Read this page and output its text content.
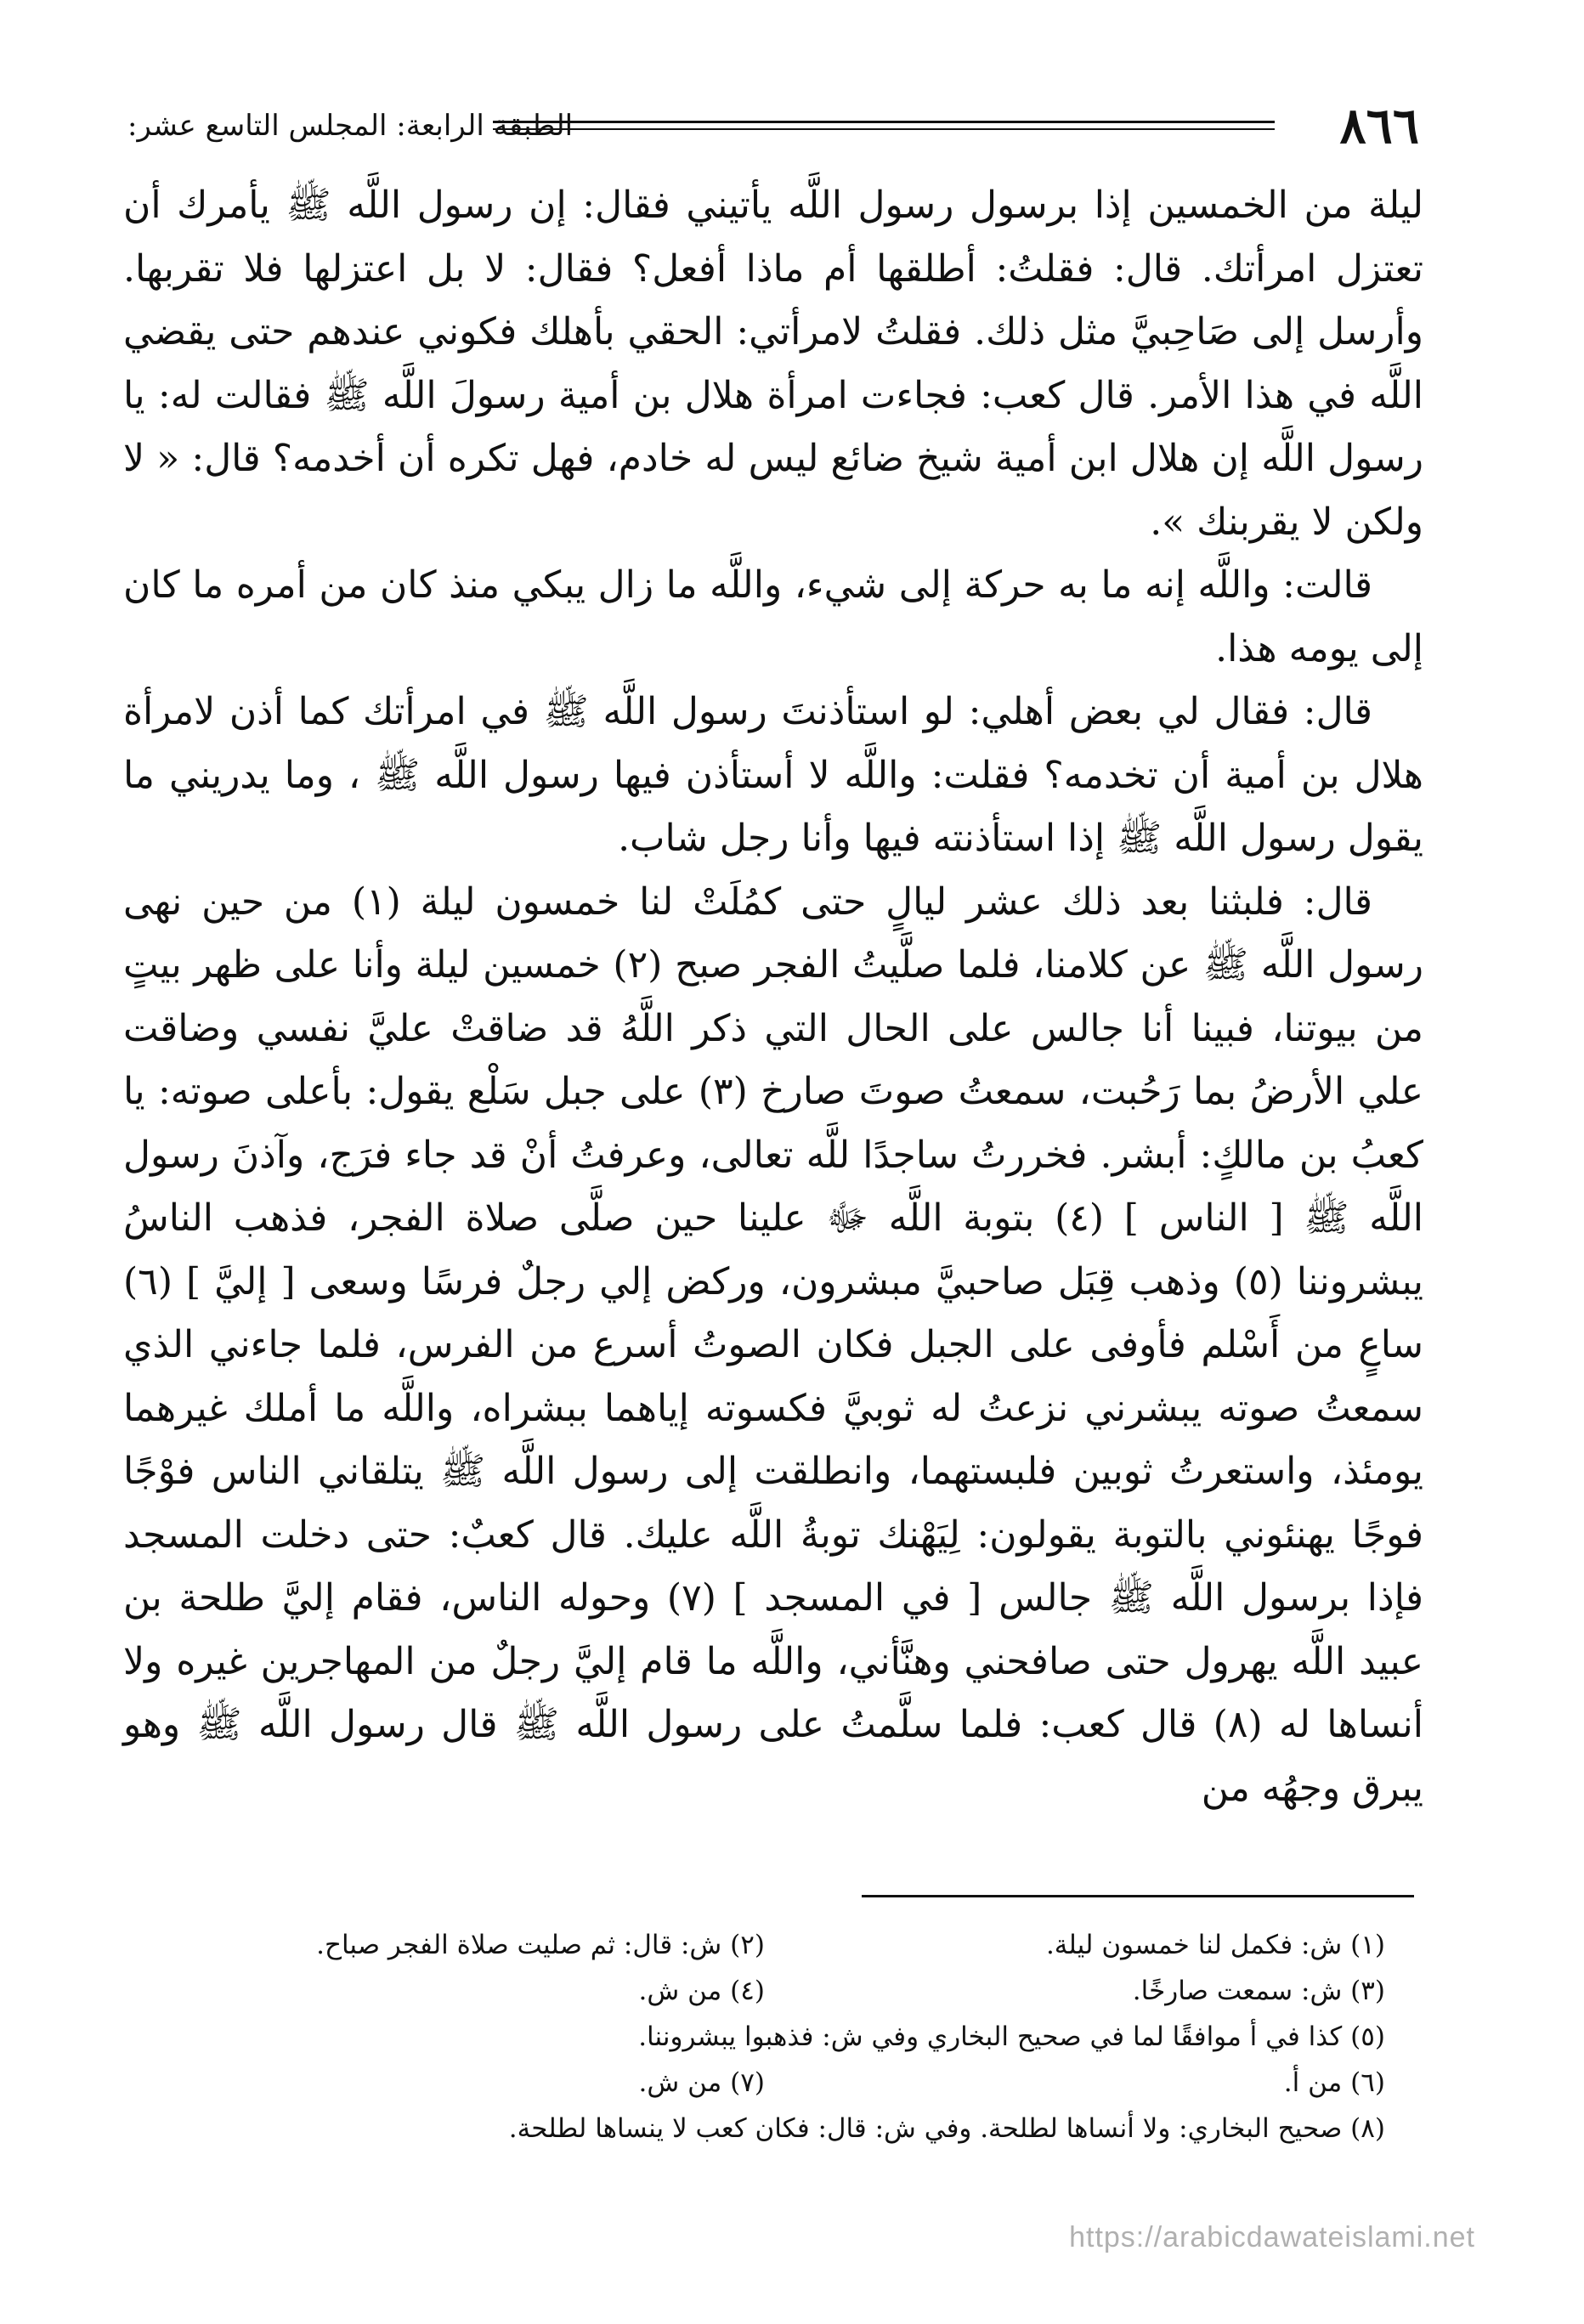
٨٦٦
الطبقة الرابعة: المجلس التاسع عشر:

ليلة من الخمسين إذا برسول رسول اللَّه يأتيني فقال: إن رسول اللَّه ﷺ يأمرك أن تعتزل امرأتك. قال: فقلتُ: أطلقها أم ماذا أفعل؟ فقال: لا بل اعتزلها فلا تقربها. وأرسل إلى صَاحِبيَّ مثل ذلك. فقلتُ لامرأتي: الحقي بأهلك فكوني عندهم حتى يقضي اللَّه في هذا الأمر. قال كعب: فجاءت امرأة هلال بن أمية رسولَ اللَّه ﷺ فقالت له: يا رسول اللَّه إن هلال ابن أمية شيخ ضائع ليس له خادم، فهل تكره أن أخدمه؟ قال: « لا ولكن لا يقربنك ».

قالت: واللَّه إنه ما به حركة إلى شيء، واللَّه ما زال يبكي منذ كان من أمره ما كان إلى يومه هذا.

قال: فقال لي بعض أهلي: لو استأذنتَ رسول اللَّه ﷺ في امرأتك كما أذن لامرأة هلال بن أمية أن تخدمه؟ فقلت: واللَّه لا أستأذن فيها رسول اللَّه ﷺ ، وما يدريني ما يقول رسول اللَّه ﷺ إذا استأذنته فيها وأنا رجل شاب.

قال: فلبثنا بعد ذلك عشر ليالٍ حتى كمُلَتْ لنا خمسون ليلة (١) من حين نهى رسول اللَّه ﷺ عن كلامنا، فلما صلَّيتُ الفجر صبح (٢) خمسين ليلة وأنا على ظهر بيتٍ من بيوتنا، فبينا أنا جالس على الحال التي ذكر اللَّهُ قد ضاقتْ عليَّ نفسي وضاقت علي الأرضُ بما رَحُبت، سمعتُ صوتَ صارخ (٣) على جبل سَلْع يقول: بأعلى صوته: يا كعبُ بن مالكٍ: أبشر. فخررتُ ساجدًا للَّه تعالى، وعرفتُ أنْ قد جاء فرَج، وآذنَ رسول اللَّه ﷺ [ الناس ] (٤) بتوبة اللَّه ﷻ علينا حين صلَّى صلاة الفجر، فذهب الناسُ يبشروننا (٥) وذهب قِبَل صاحبيَّ مبشرون، وركض إلي رجلٌ فرسًا وسعى [ إليَّ ] (٦) ساعٍ من أَسْلم فأوفى على الجبل فكان الصوتُ أسرع من الفرس، فلما جاءني الذي سمعتُ صوته يبشرني نزعتُ له ثوبيَّ فكسوته إياهما ببشراه، واللَّه ما أملك غيرهما يومئذ، واستعرتُ ثوبين فلبستهما، وانطلقت إلى رسول اللَّه ﷺ يتلقاني الناس فوْجًا فوجًا يهنئوني بالتوبة يقولون: لِيَهْنك توبةُ اللَّه عليك. قال كعبٌ: حتى دخلت المسجد فإذا برسول اللَّه ﷺ جالس [ في المسجد ] (٧) وحوله الناس، فقام إليَّ طلحة بن عبيد اللَّه يهرول حتى صافحني وهنَّأني، واللَّه ما قام إليَّ رجلٌ من المهاجرين غيره ولا أنساها له (٨) قال كعب: فلما سلَّمتُ على رسول اللَّه ﷺ قال رسول اللَّه ﷺ وهو يبرق وجهُه من

(١) ش: فكمل لنا خمسون ليلة.
(٢) ش: قال: ثم صليت صلاة الفجر صباح.
(٣) ش: سمعت صارخًا.
(٤) من ش.
(٥) كذا في أ موافقًا لما في صحيح البخاري وفي ش: فذهبوا يبشروننا.
(٦) من أ.
(٧) من ش.
(٨) صحيح البخاري: ولا أنساها لطلحة. وفي ش: قال: فكان كعب لا ينساها لطلحة.
https://arabicdawateislami.net
